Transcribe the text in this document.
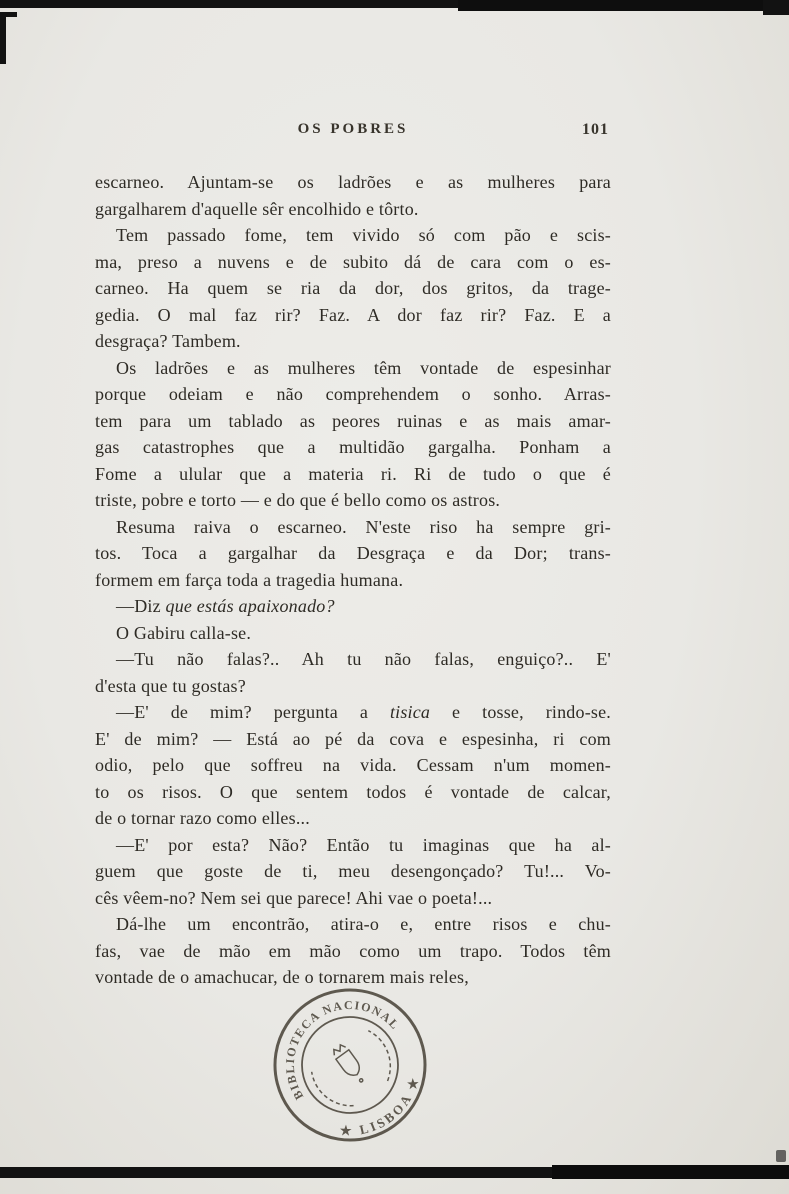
OS POBRES	101
escarneo. Ajuntam-se os ladrões e as mulheres para
gargalharem d'aquelle sêr encolhido e tôrto.
Tem passado fome, tem vivido só com pão e scis-
ma, preso a nuvens e de subito dá de cara com o es-
carneo. Ha quem se ria da dor, dos gritos, da trage-
gedia. O mal faz rir? Faz. A dor faz rir? Faz. E a
desgraça? Tambem.
Os ladrões e as mulheres têm vontade de espesinhar
porque odeiam e não comprehendem o sonho. Arras-
tem para um tablado as peores ruinas e as mais amar-
gas catastrophes que a multidão gargalha. Ponham a
Fome a ulular que a materia ri. Ri de tudo o que é
triste, pobre e torto — e do que é bello como os astros.
Resuma raiva o escarneo. N'este riso ha sempre gri-
tos. Toca a gargalhar da Desgraça e da Dor; trans-
formem em farça toda a tragedia humana.
—Diz que estás apaixonado?
O Gabiru calla-se.
—Tu não falas?.. Ah tu não falas, enguiço?.. E'
d'esta que tu gostas?
—E' de mim? pergunta a tisica e tosse, rindo-se.
E' de mim? — Está ao pé da cova e espesinha, ri com
odio, pelo que soffreu na vida. Cessam n'um momen-
to os risos. O que sentem todos é vontade de calcar,
de o tornar razo como elles...
—E' por esta? Não? Então tu imaginas que ha al-
guem que goste de ti, meu desengonçado? Tu!... Vo-
cês vêem-no? Nem sei que parece! Ahi vae o poeta!...
Dá-lhe um encontrão, atira-o e, entre risos e chu-
fas, vae de mão em mão como um trapo. Todos têm
vontade de o amachucar, de o tornarem mais reles,
BIBLIOTECA NACIONAL
★ LISBOA ★
